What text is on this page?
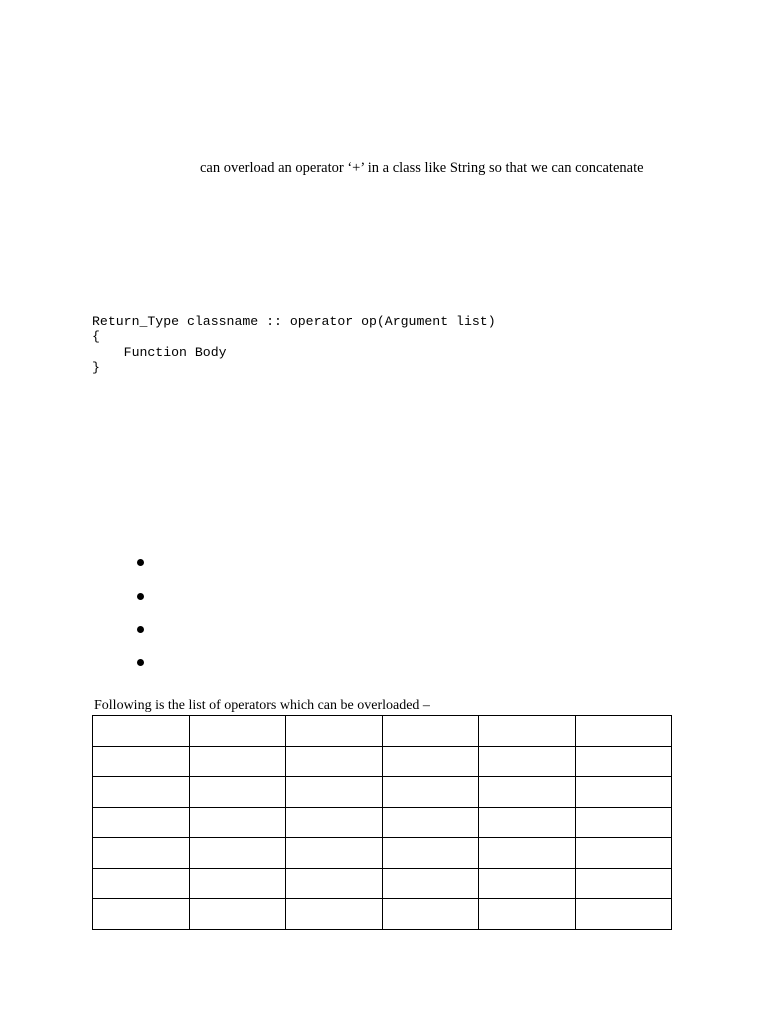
can overload an operator ‘+’ in a class like String so that we can concatenate

Return_Type classname :: operator op(Argument list)
{
Function Body
}

Following is the list of operators which can be overloaded –
